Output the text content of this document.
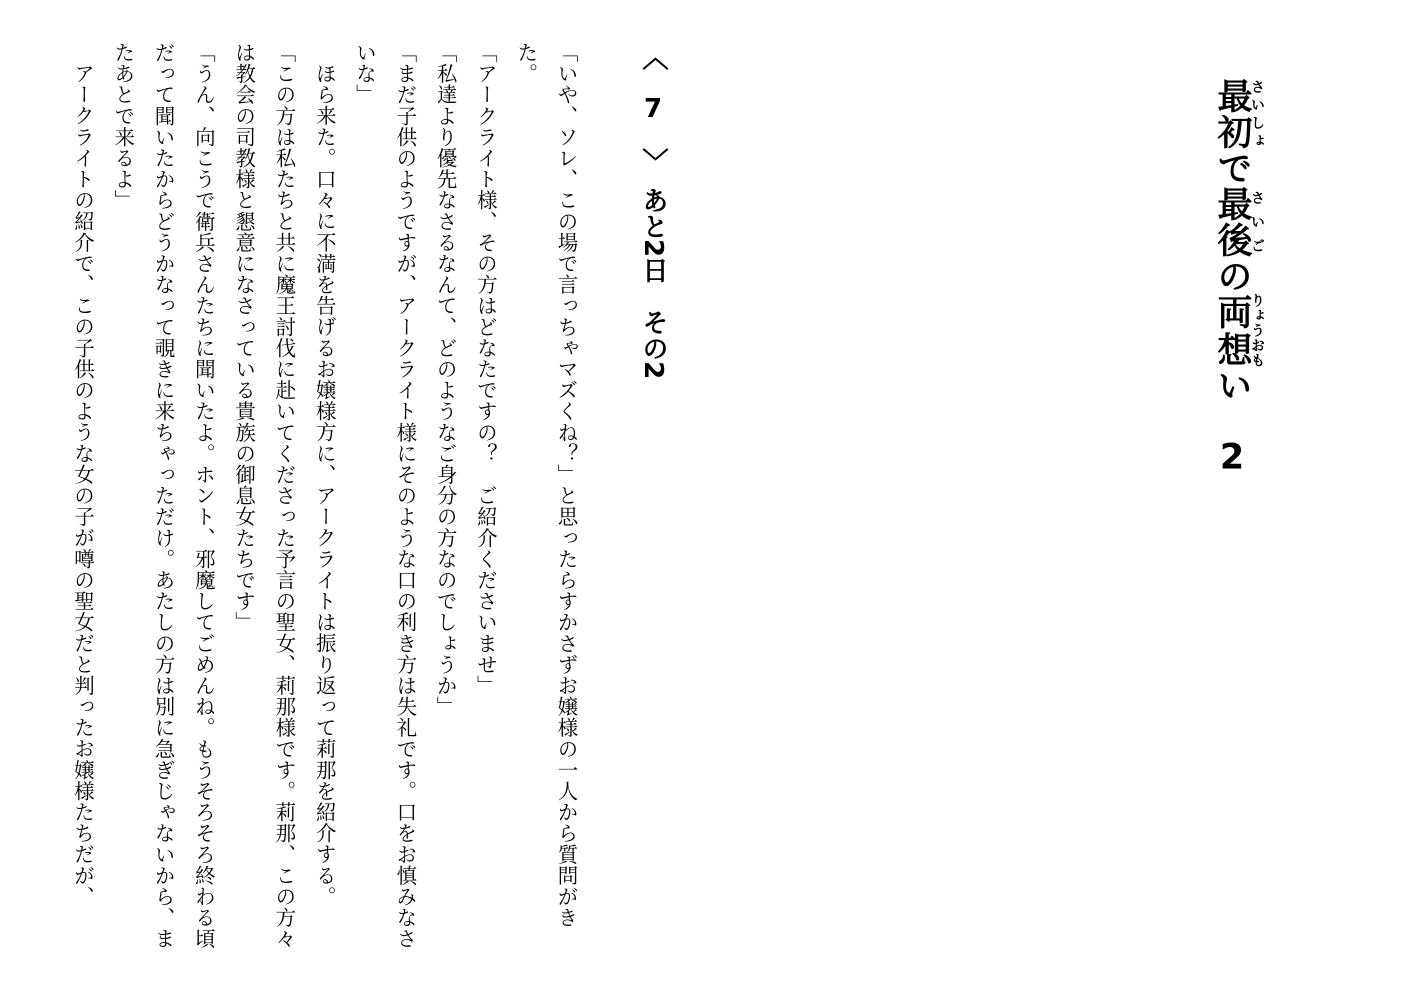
最初さいしょで最後さいごの両想りょうおもい　2
〈　7　〉　あと2日　その2

「いや、ソレ、この場で言っちゃマズくね？」と思ったらすかさずお嬢様の一人から質問がきた。

「アークライト様、その方はどなたですの？　ご紹介くださいませ」

「私達より優先なさるなんて、どのようなご身分の方なのでしょうか」

「まだ子供のようですが、アークライト様にそのような口の利き方は失礼です。口をお慎みなさいな」

ほら来た。口々に不満を告げるお嬢様方に、アークライトは振り返って莉那を紹介する。

「この方は私たちと共に魔王討伐に赴いてくださった予言の聖女、莉那様です。莉那、この方々は教会の司教様と懇意になさっている貴族の御息女たちです」

「うん、向こうで衛兵さんたちに聞いたよ。ホント、邪魔してごめんね。もうそろそろ終わる頃だって聞いたからどうかなって覗きに来ちゃっただけ。あたしの方は別に急ぎじゃないから、またあとで来るよ」

アークライトの紹介で、この子供のような女の子が噂の聖女だと判ったお嬢様たちだが、
